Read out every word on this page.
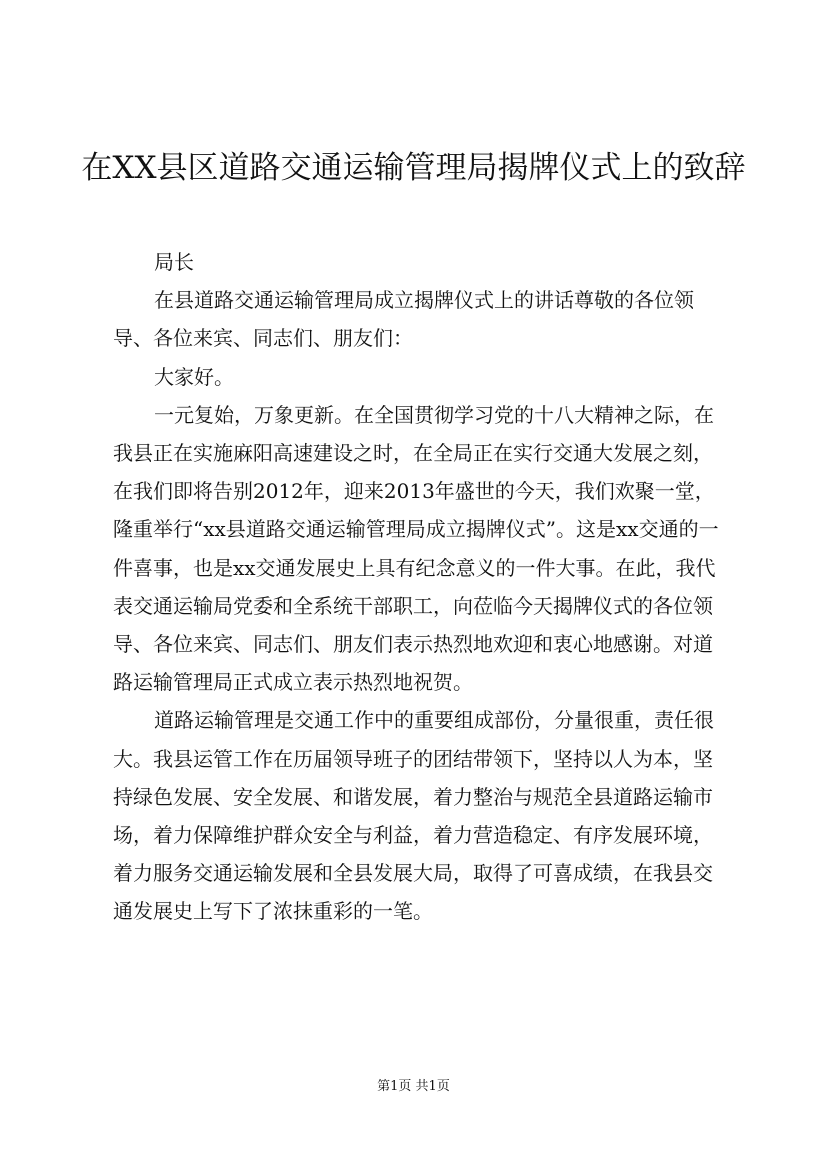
在XX县区道路交通运输管理局揭牌仪式上的致辞

局长

在县道路交通运输管理局成立揭牌仪式上的讲话尊敬的各位领导、各位来宾、同志们、朋友们：

大家好。

一元复始，万象更新。在全国贯彻学习党的十八大精神之际，在我县正在实施麻阳高速建设之时，在全局正在实行交通大发展之刻，在我们即将告别2012年，迎来2013年盛世的今天，我们欢聚一堂，隆重举行“xx县道路交通运输管理局成立揭牌仪式”。这是xx交通的一件喜事，也是xx交通发展史上具有纪念意义的一件大事。在此，我代表交通运输局党委和全系统干部职工，向莅临今天揭牌仪式的各位领导、各位来宾、同志们、朋友们表示热烈地欢迎和衷心地感谢。对道路运输管理局正式成立表示热烈地祝贺。

道路运输管理是交通工作中的重要组成部份，分量很重，责任很大。我县运管工作在历届领导班子的团结带领下，坚持以人为本，坚持绿色发展、安全发展、和谐发展，着力整治与规范全县道路运输市场，着力保障维护群众安全与利益，着力营造稳定、有序发展环境，着力服务交通运输发展和全县发展大局，取得了可喜成绩，在我县交通发展史上写下了浓抹重彩的一笔。

第1页 共1页
